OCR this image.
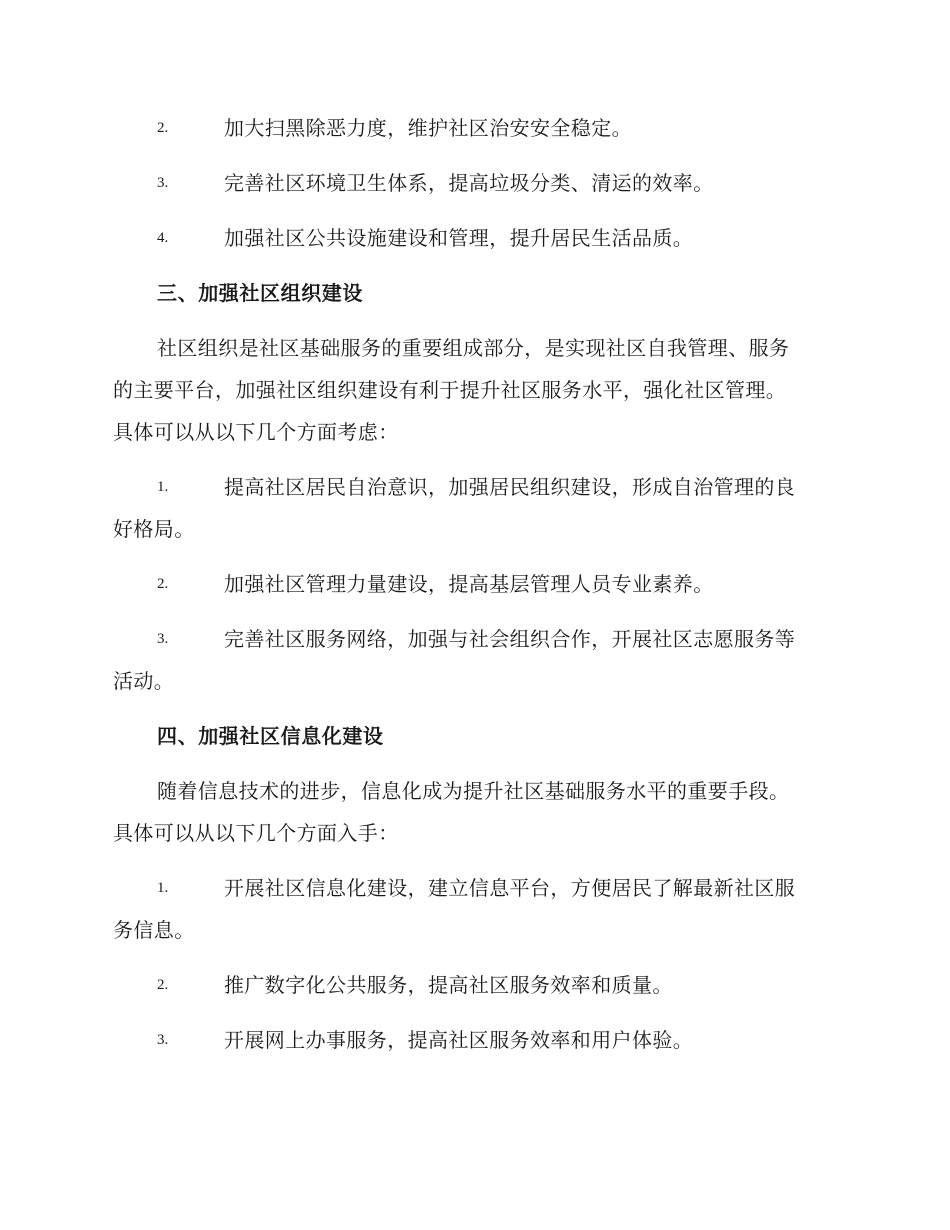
2.	加大扫黑除恶力度，维护社区治安安全稳定。
3.	完善社区环境卫生体系，提高垃圾分类、清运的效率。
4.	加强社区公共设施建设和管理，提升居民生活品质。
三、加强社区组织建设
社区组织是社区基础服务的重要组成部分，是实现社区自我管理、服务
的主要平台，加强社区组织建设有利于提升社区服务水平，强化社区管理。
具体可以从以下几个方面考虑：
1.	提高社区居民自治意识，加强居民组织建设，形成自治管理的良
好格局。
2.	加强社区管理力量建设，提高基层管理人员专业素养。
3.	完善社区服务网络，加强与社会组织合作，开展社区志愿服务等
活动。
四、加强社区信息化建设
随着信息技术的进步，信息化成为提升社区基础服务水平的重要手段。
具体可以从以下几个方面入手：
1.	开展社区信息化建设，建立信息平台，方便居民了解最新社区服
务信息。
2.	推广数字化公共服务，提高社区服务效率和质量。
3.	开展网上办事服务，提高社区服务效率和用户体验。
